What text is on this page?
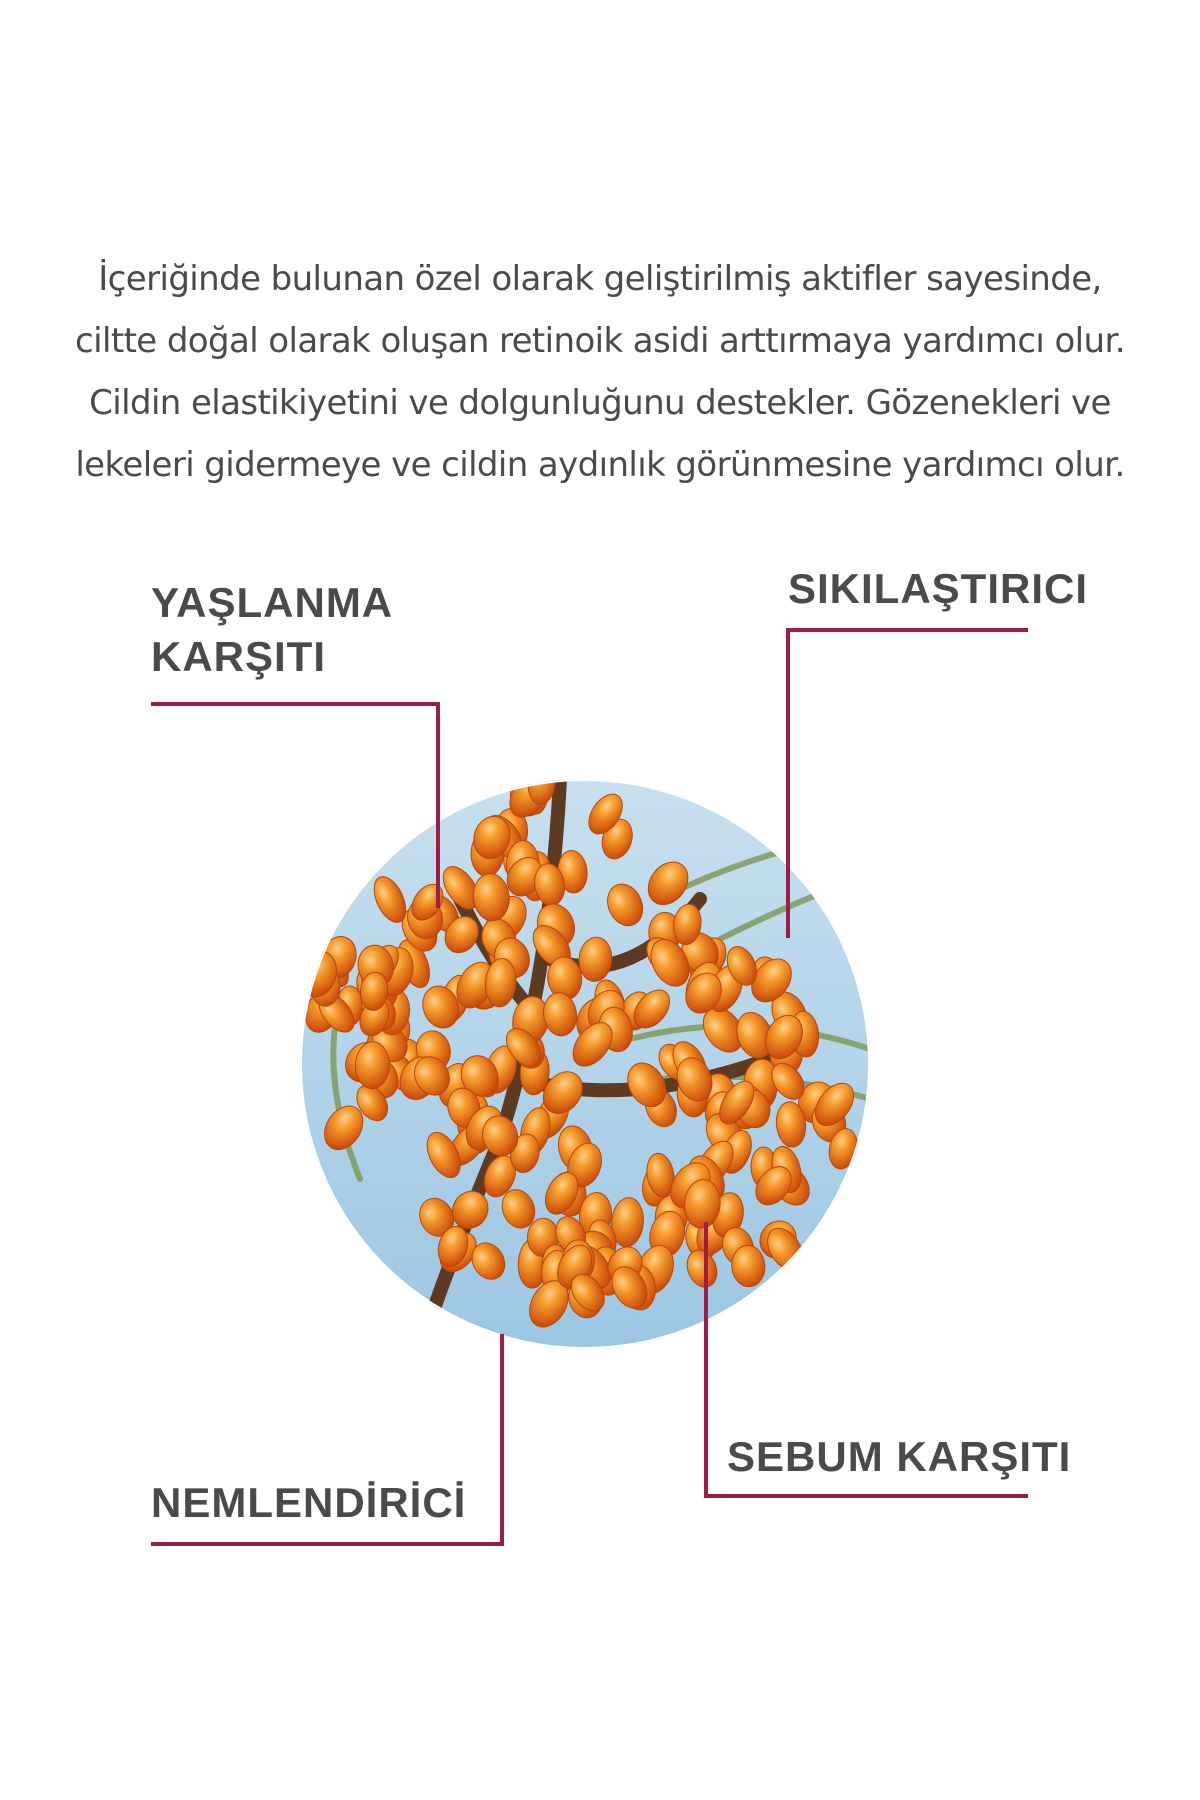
İçeriğinde bulunan özel olarak geliştirilmiş aktifler sayesinde,
ciltte doğal olarak oluşan retinoik asidi arttırmaya yardımcı olur.
Cildin elastikiyetini ve dolgunluğunu destekler. Gözenekleri ve
lekeleri gidermeye ve cildin aydınlık görünmesine yardımcı olur.

YAŞLANMA
KARŞITI
SIKILAŞTIRICI
SEBUM KARŞITI
NEMLENDİRİCİ
